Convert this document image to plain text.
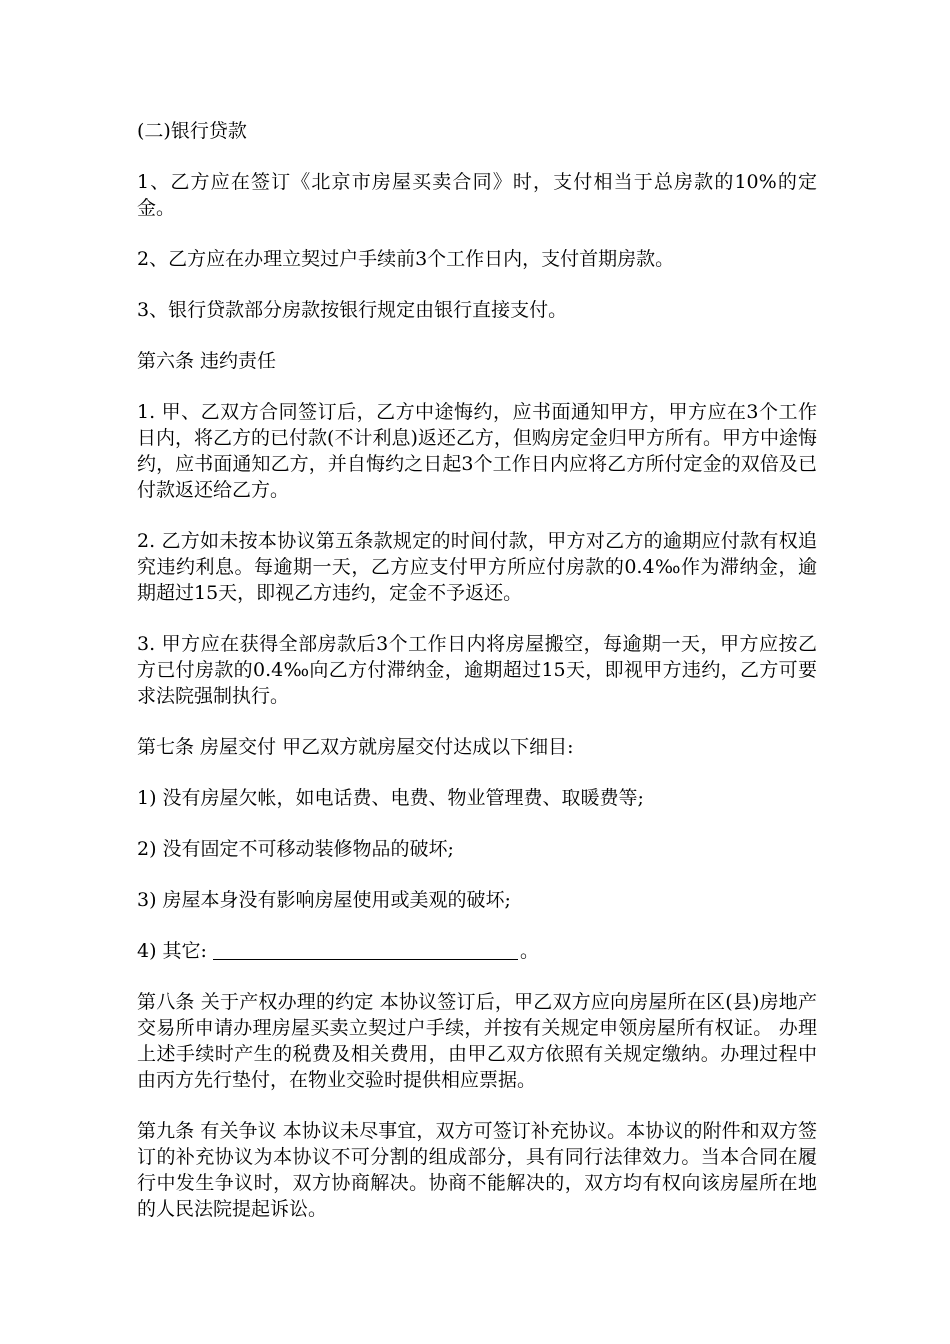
(二)银行贷款

1、乙方应在签订《北京市房屋买卖合同》时，支付相当于总房款的10%的定金。

2、乙方应在办理立契过户手续前3个工作日内，支付首期房款。

3、银行贷款部分房款按银行规定由银行直接支付。

第六条 违约责任

1. 甲、乙双方合同签订后，乙方中途悔约，应书面通知甲方，甲方应在3个工作日内，将乙方的已付款(不计利息)返还乙方，但购房定金归甲方所有。甲方中途悔约，应书面通知乙方，并自悔约之日起3个工作日内应将乙方所付定金的双倍及已付款返还给乙方。

2. 乙方如未按本协议第五条款规定的时间付款，甲方对乙方的逾期应付款有权追究违约利息。每逾期一天，乙方应支付甲方所应付房款的0.4‰作为滞纳金，逾期超过15天，即视乙方违约，定金不予返还。

3. 甲方应在获得全部房款后3个工作日内将房屋搬空，每逾期一天，甲方应按乙方已付房款的0.4‰向乙方付滞纳金，逾期超过15天，即视甲方违约，乙方可要求法院强制执行。

第七条 房屋交付 甲乙双方就房屋交付达成以下细目:

1) 没有房屋欠帐，如电话费、电费、物业管理费、取暖费等;

2) 没有固定不可移动装修物品的破坏;

3) 房屋本身没有影响房屋使用或美观的破坏;

4) 其它:	。

第八条 关于产权办理的约定 本协议签订后，甲乙双方应向房屋所在区(县)房地产交易所申请办理房屋买卖立契过户手续，并按有关规定申领房屋所有权证。 办理上述手续时产生的税费及相关费用，由甲乙双方依照有关规定缴纳。办理过程中由丙方先行垫付，在物业交验时提供相应票据。

第九条 有关争议 本协议未尽事宜，双方可签订补充协议。本协议的附件和双方签订的补充协议为本协议不可分割的组成部分，具有同行法律效力。当本合同在履行中发生争议时，双方协商解决。协商不能解决的，双方均有权向该房屋所在地的人民法院提起诉讼。
